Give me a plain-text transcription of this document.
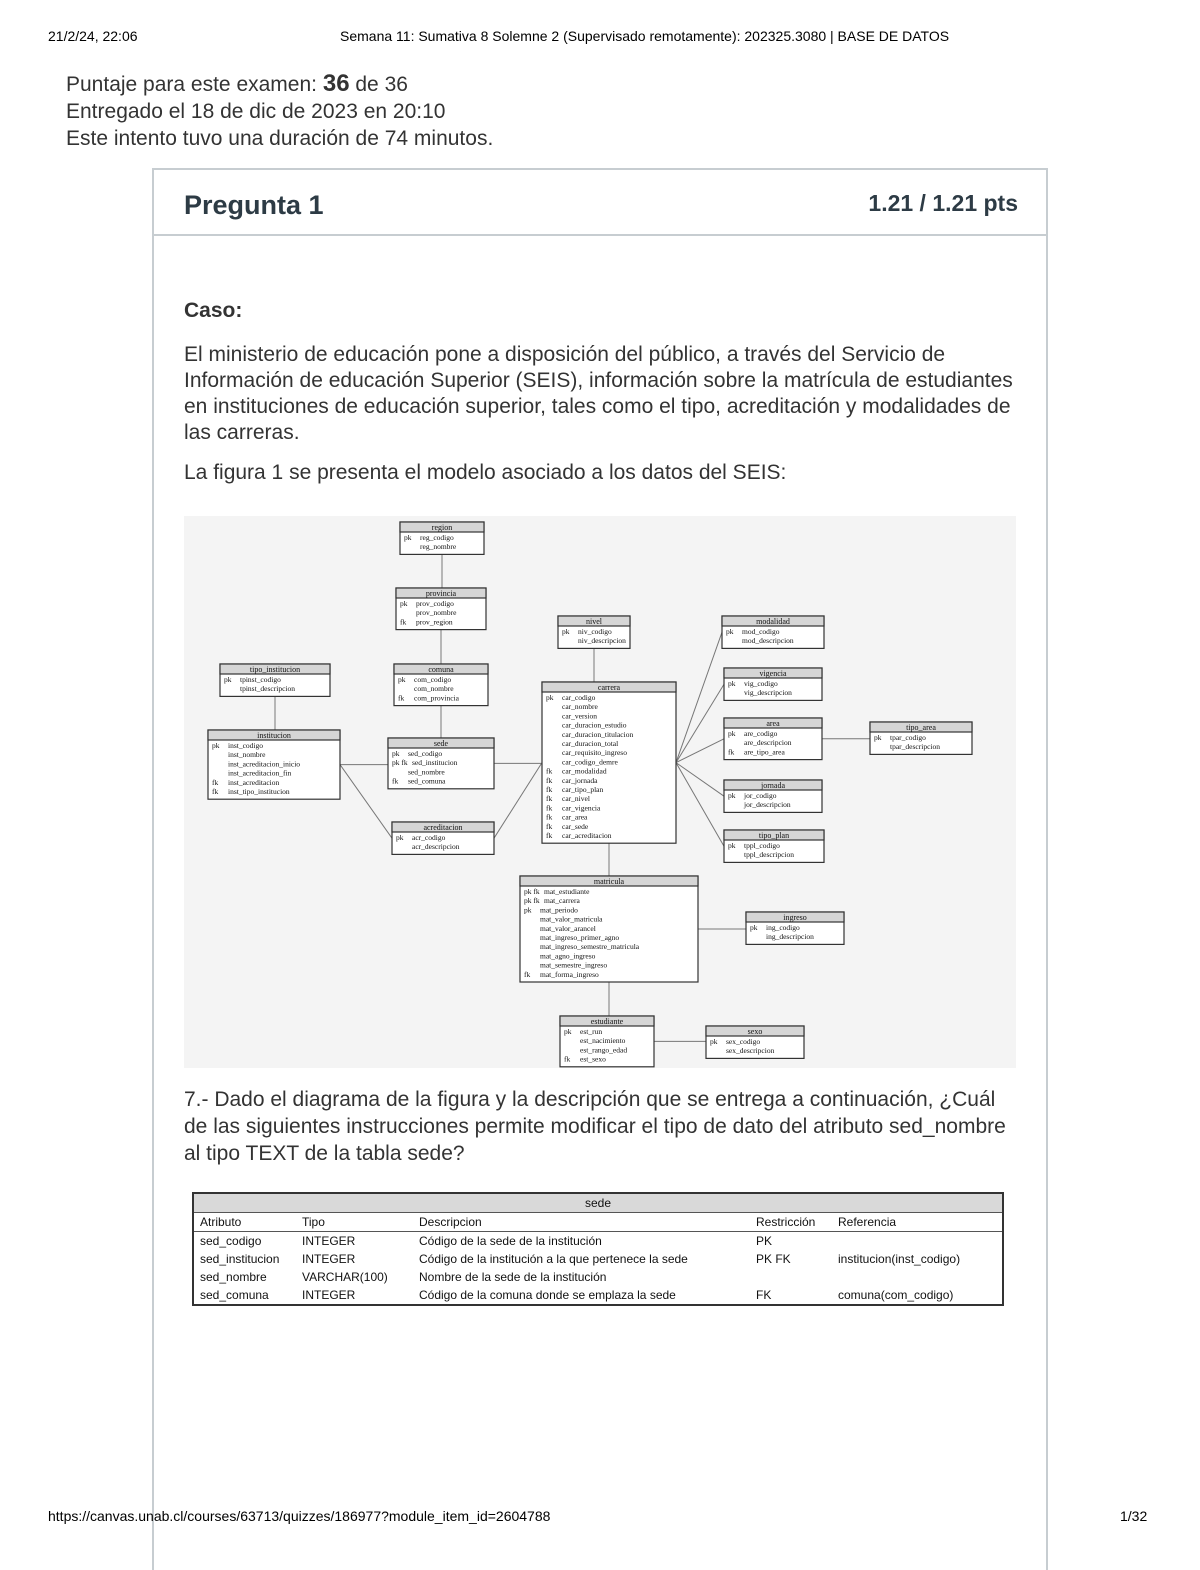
21/2/24, 22:06	Semana 11: Sumativa 8 Solemne 2 (Supervisado remotamente): 202325.3080 | BASE DE DATOS
Puntaje para este examen: 36 de 36
Entregado el 18 de dic de 2023 en 20:10
Este intento tuvo una duración de 74 minutos.
Pregunta 1	1.21 / 1.21 pts
Caso:

El ministerio de educación pone a disposición del público, a través del Servicio de Información de educación Superior (SEIS), información sobre la matrícula de estudiantes en instituciones de educación superior, tales como el tipo, acreditación y modalidades de las carreras.

La figura 1 se presenta el modelo asociado a los datos del SEIS:

region
pk reg_codigo
reg_nombre
provincia
pk prov_codigo
prov_nombre
fk prov_region
comuna
pk com_codigo
com_nombre
fk com_provincia
tipo_institucion
pk tpinst_codigo
tpinst_descripcion
institucion
pk inst_codigo
inst_nombre
inst_acreditacion_inicio
inst_acreditacion_fin
fk inst_acreditacion
fk inst_tipo_institucion
sede
pk sed_codigo
pk fk sed_institucion
sed_nombre
fk sed_comuna
acreditacion
pk acr_codigo
acr_descripcion
nivel
pk niv_codigo
niv_descripcion
carrera
pk car_codigo
car_nombre
car_version
car_duracion_estudio
car_duracion_titulacion
car_duracion_total
car_requisito_ingreso
car_codigo_demre
fk car_modalidad
fk car_jornada
fk car_tipo_plan
fk car_nivel
fk car_vigencia
fk car_area
fk car_sede
fk car_acreditacion
modalidad
pk mod_codigo
mod_descripcion
vigencia
pk vig_codigo
vig_descripcion
area
pk are_codigo
are_descripcion
fk are_tipo_area
tipo_area
pk tpar_codigo
tpar_descripcion
jornada
pk jor_codigo
jor_descripcion
tipo_plan
pk tppl_codigo
tppl_descripcion
matricula
pk fk mat_estudiante
pk fk mat_carrera
pk mat_periodo
mat_valor_matricula
mat_valor_arancel
mat_ingreso_primer_agno
mat_ingreso_semestre_matricula
mat_agno_ingreso
mat_semestre_ingreso
fk mat_forma_ingreso
ingreso
pk ing_codigo
ing_descripcion
estudiante
pk est_run
est_nacimiento
est_rango_edad
fk est_sexo
sexo
pk sex_codigo
sex_descripcion
7.- Dado el diagrama de la figura y la descripción que se entrega a continuación, ¿Cuál de las siguientes instrucciones permite modificar el tipo de dato del atributo sed_nombre al tipo TEXT de la tabla sede?
sede				
Atributo	Tipo	Descripcion	Restricción	Referencia
sed_codigo	INTEGER	Código de la sede de la institución	PK	
sed_institucion	INTEGER	Código de la institución a la que pertenece la sede	PK FK	institucion(inst_codigo)
sed_nombre	VARCHAR(100)	Nombre de la sede de la institución		
sed_comuna	INTEGER	Código de la comuna donde se emplaza la sede	FK	comuna(com_codigo)
https://canvas.unab.cl/courses/63713/quizzes/186977?module_item_id=2604788	1/32
